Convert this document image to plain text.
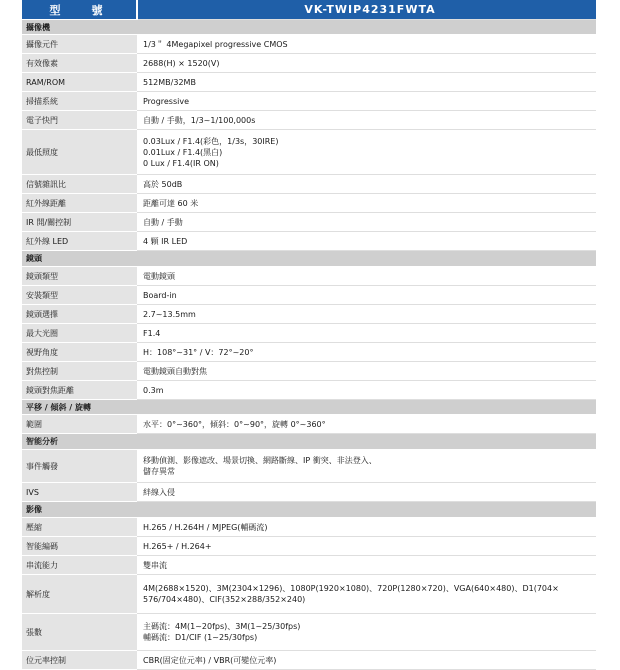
型　號	VK-TWIP4231FWTA
攝像機	
攝像元件	1/3＂ 4Megapixel progressive CMOS

有效像素	2688(H) × 1520(V)

RAM/ROM	512MB/32MB

掃描系統	Progressive

電子快門	自動 / 手動，1/3~1/100,000s

最低照度	0.03Lux / F1.4(彩色，1/3s，30IRE)
0.01Lux / F1.4(黑白)
0 Lux / F1.4(IR ON)

信號雜訊比	高於 50dB

紅外線距離	距離可達 60 米

IR 開/關控制	自動 / 手動

紅外線 LED	4 顆 IR LED

鏡頭	
鏡頭類型	電動鏡頭

安裝類型	Board-in

鏡頭選擇	2.7~13.5mm

最大光圈	F1.4

視野角度	H：108°~31° / V：72°~20°

對焦控制	電動鏡頭自動對焦

鏡頭對焦距離	0.3m

平移 / 傾斜 / 旋轉	
範圍	水平：0°~360°，傾斜：0°~90°，旋轉 0°~360°

智能分析	
事件觸發	移動偵測、影像遮改、場景切換、網路斷線、IP 衝突、非法登入、
儲存異常

IVS	絆線入侵

影像	
壓縮	H.265 / H.264H / MJPEG(輔碼流)

智能編碼	H.265+ / H.264+

串流能力	雙串流

解析度	4M(2688×1520)、3M(2304×1296)、1080P(1920×1080)、720P(1280×720)、VGA(640×480)、D1(704×
576/704×480)、CIF(352×288/352×240)

張數	主碼流：4M(1~20fps)、3M(1~25/30fps)
輔碼流：D1/CIF (1~25/30fps)

位元率控制	CBR(固定位元率) / VBR(可變位元率)
